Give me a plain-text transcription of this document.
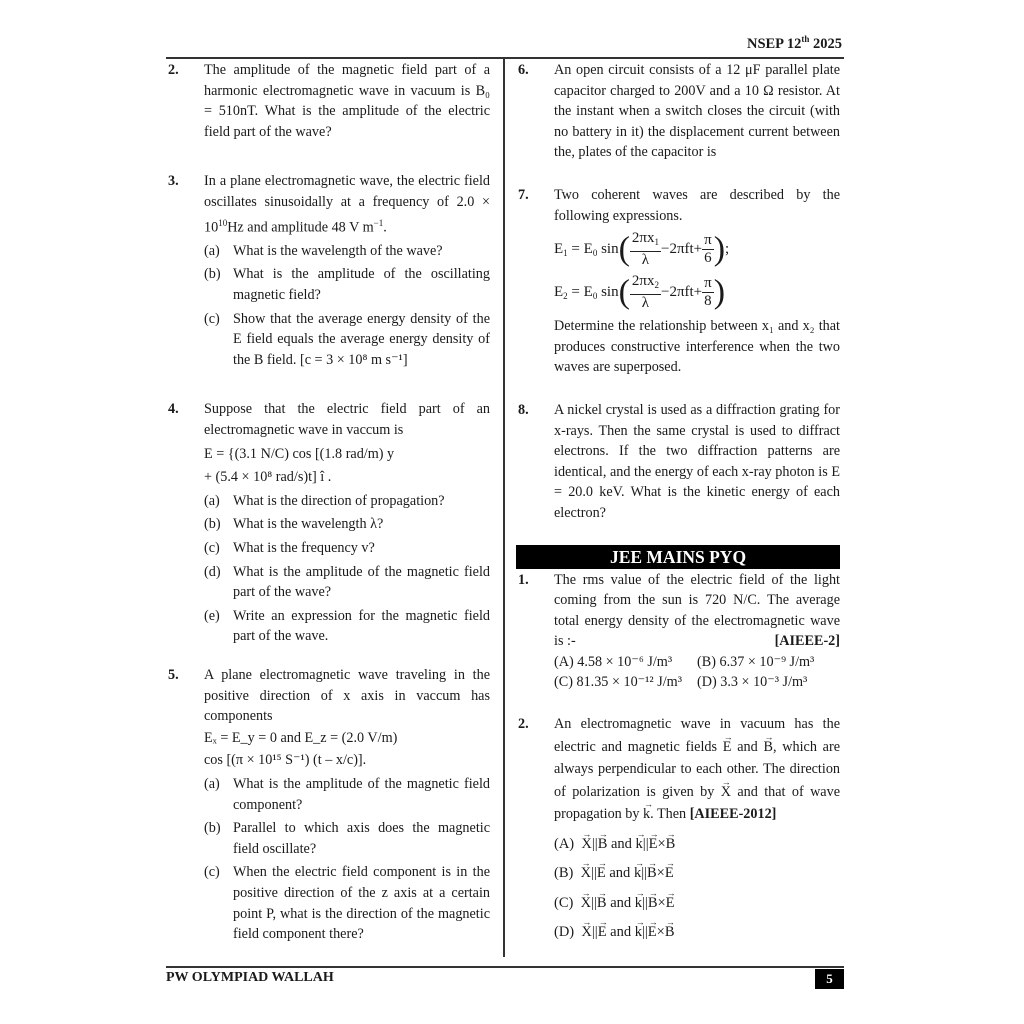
NSEP 12th 2025
2. The amplitude of the magnetic field part of a harmonic electromagnetic wave in vacuum is B₀ = 510nT. What is the amplitude of the electric field part of the wave?
3. In a plane electromagnetic wave, the electric field oscillates sinusoidally at a frequency of $2.0 \times 10^{10}Hz$ and amplitude 48 V $m^{-1}$.
(a) What is the wavelength of the wave?
(b) What is the amplitude of the oscillating magnetic field?
(c) Show that the average energy density of the E field equals the average energy density of the B field. [c = 3 × 10⁸ m s⁻¹]
4. Suppose that the electric field part of an electromagnetic wave in vaccum is
E = {(3.1 N/C) cos [(1.8 rad/m) y
+ (5.4 × 10⁸ rad/s)t] î .
(a) What is the direction of propagation?
(b) What is the wavelength λ?
(c) What is the frequency v?
(d) What is the amplitude of the magnetic field part of the wave?
(e) Write an expression for the magnetic field part of the wave.
5. A plane electromagnetic wave traveling in the positive direction of x axis in vaccum has components
Eₓ = E_y = 0 and E_z = (2.0 V/m)
cos [(π × 10¹⁵ S⁻¹) (t – x/c)].
(a) What is the amplitude of the magnetic field component?
(b) Parallel to which axis does the magnetic field oscillate?
(c) When the electric field component is in the positive direction of the z axis at a certain point P, what is the direction of the magnetic field component there?
6. An open circuit consists of a 12 μF parallel plate capacitor charged to 200V and a 10 Ω resistor. At the instant when a switch closes the circuit (with no battery in it) the displacement current between the, plates of the capacitor is
7. Two coherent waves are described by the following expressions.
$E_1 = E_0$ $\sin( \frac{2\pi x_1}{\lambda} -2\pi ft+ \frac{\pi}{6}$ );
$E_2 = E_0$ $\sin( \frac{2\pi x_2}{\lambda} -2\pi ft+ \frac{\pi}{8}$ )
Determine the relationship between x₁ and x₂ that produces constructive interference when the two waves are superposed.
8. A nickel crystal is used as a diffraction grating for x-rays. Then the same crystal is used to diffract electrons. If the two diffraction patterns are identical, and the energy of each x-ray photon is E = 20.0 keV. What is the kinetic energy of each electron?
JEE MAINS PYQ
1. The rms value of the electric field of the light coming from the sun is 720 N/C. The average total energy density of the electromagnetic wave is :-	[AIEEE-2]
(A) 4.58 × 10⁻⁶ J/m³	(B) 6.37 × 10⁻⁹ J/m³
(C) 81.35 × 10⁻¹² J/m³	(D) 3.3 × 10⁻³ J/m³
2. An electromagnetic wave in vacuum has the electric and magnetic fields → E and → B, which are always perpendicular to each other. The direction of polarization is given by → X and that of wave propagation by → k. Then [AIEEE-2012]
(A) → X||→ B and → k||→ E×→ B
(B) → X||→ E and → k||→ B×→ E
(C) → X||→ B and → k||→ B×→ E
(D) → X||→ E and → k||→ E×→ B
PW OLYMPIAD WALLAH	5
